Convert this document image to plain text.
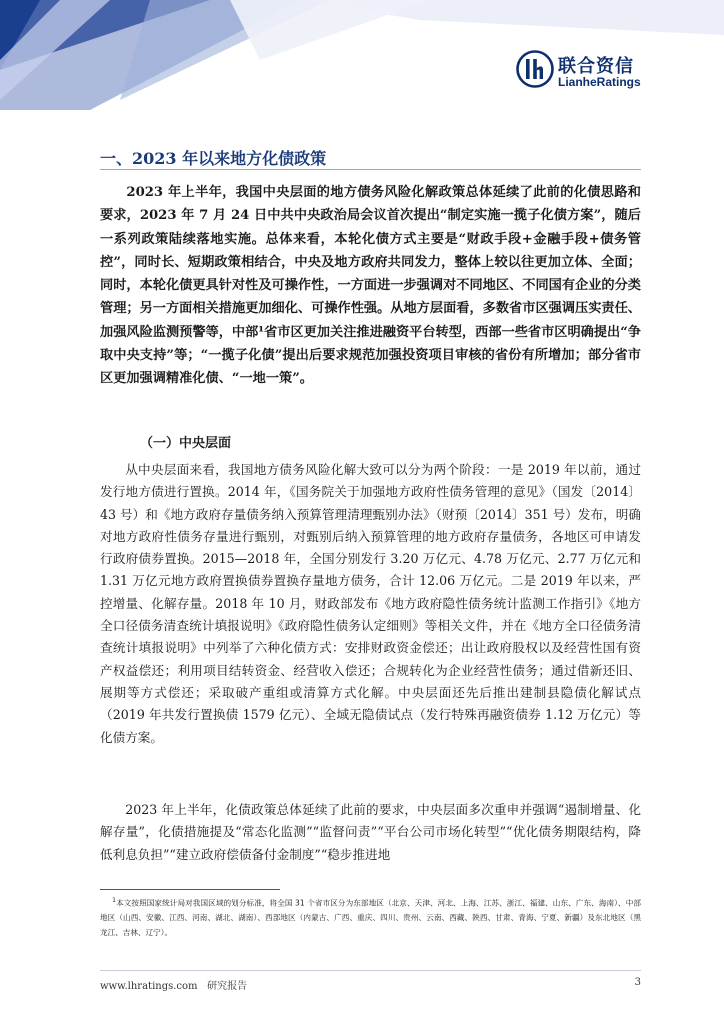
联合资信
LianheRatings
一、2023 年以来地方化债政策

2023 年上半年，我国中央层面的地方债务风险化解政策总体延续了此前的化债思路和要求，2023 年 7 月 24 日中共中央政治局会议首次提出“制定实施一揽子化债方案”，随后一系列政策陆续落地实施。总体来看，本轮化债方式主要是“财政手段+金融手段+债务管控”，同时长、短期政策相结合，中央及地方政府共同发力，整体上较以往更加立体、全面；同时，本轮化债更具针对性及可操作性，一方面进一步强调对不同地区、不同国有企业的分类管理；另一方面相关措施更加细化、可操作性强。从地方层面看，多数省市区强调压实责任、加强风险监测预警等，中部¹省市区更加关注推进融资平台转型，西部一些省市区明确提出“争取中央支持”等；“一揽子化债”提出后要求规范加强投资项目审核的省份有所增加；部分省市区更加强调精准化债、“一地一策”。

（一）中央层面

从中央层面来看，我国地方债务风险化解大致可以分为两个阶段：一是 2019 年以前，通过发行地方债进行置换。2014 年，《国务院关于加强地方政府性债务管理的意见》（国发〔2014〕43 号）和《地方政府存量债务纳入预算管理清理甄别办法》（财预〔2014〕351 号）发布，明确对地方政府性债务存量进行甄别，对甄别后纳入预算管理的地方政府存量债务，各地区可申请发行政府债券置换。2015—2018 年，全国分别发行 3.20 万亿元、4.78 万亿元、2.77 万亿元和 1.31 万亿元地方政府置换债券置换存量地方债务，合计 12.06 万亿元。二是 2019 年以来，严控增量、化解存量。2018 年 10 月，财政部发布《地方政府隐性债务统计监测工作指引》《地方全口径债务清查统计填报说明》《政府隐性债务认定细则》等相关文件，并在《地方全口径债务清查统计填报说明》中列举了六种化债方式：安排财政资金偿还；出让政府股权以及经营性国有资产权益偿还；利用项目结转资金、经营收入偿还；合规转化为企业经营性债务；通过借新还旧、展期等方式偿还；采取破产重组或清算方式化解。中央层面还先后推出建制县隐债化解试点（2019 年共发行置换债 1579 亿元）、全域无隐债试点（发行特殊再融资债券 1.12 万亿元）等化债方案。

2023 年上半年，化债政策总体延续了此前的要求，中央层面多次重申并强调“遏制增量、化解存量”，化债措施提及“常态化监测”“监督问责”“平台公司市场化转型”“优化债务期限结构，降低利息负担”“建立政府偿债备付金制度”“稳步推进地

$^1$本文按照国家统计局对我国区域的划分标准，将全国 31 个省市区分为东部地区（北京、天津、河北、上海、江苏、浙江、福建、山东、广东、海南）、中部地区（山西、安徽、江西、河南、湖北、湖南）、西部地区（内蒙古、广西、重庆、四川、贵州、云南、西藏、陕西、甘肃、青海、宁夏、新疆）及东北地区（黑龙江、吉林、辽宁）。

www.lhratings.com 研究报告	3
